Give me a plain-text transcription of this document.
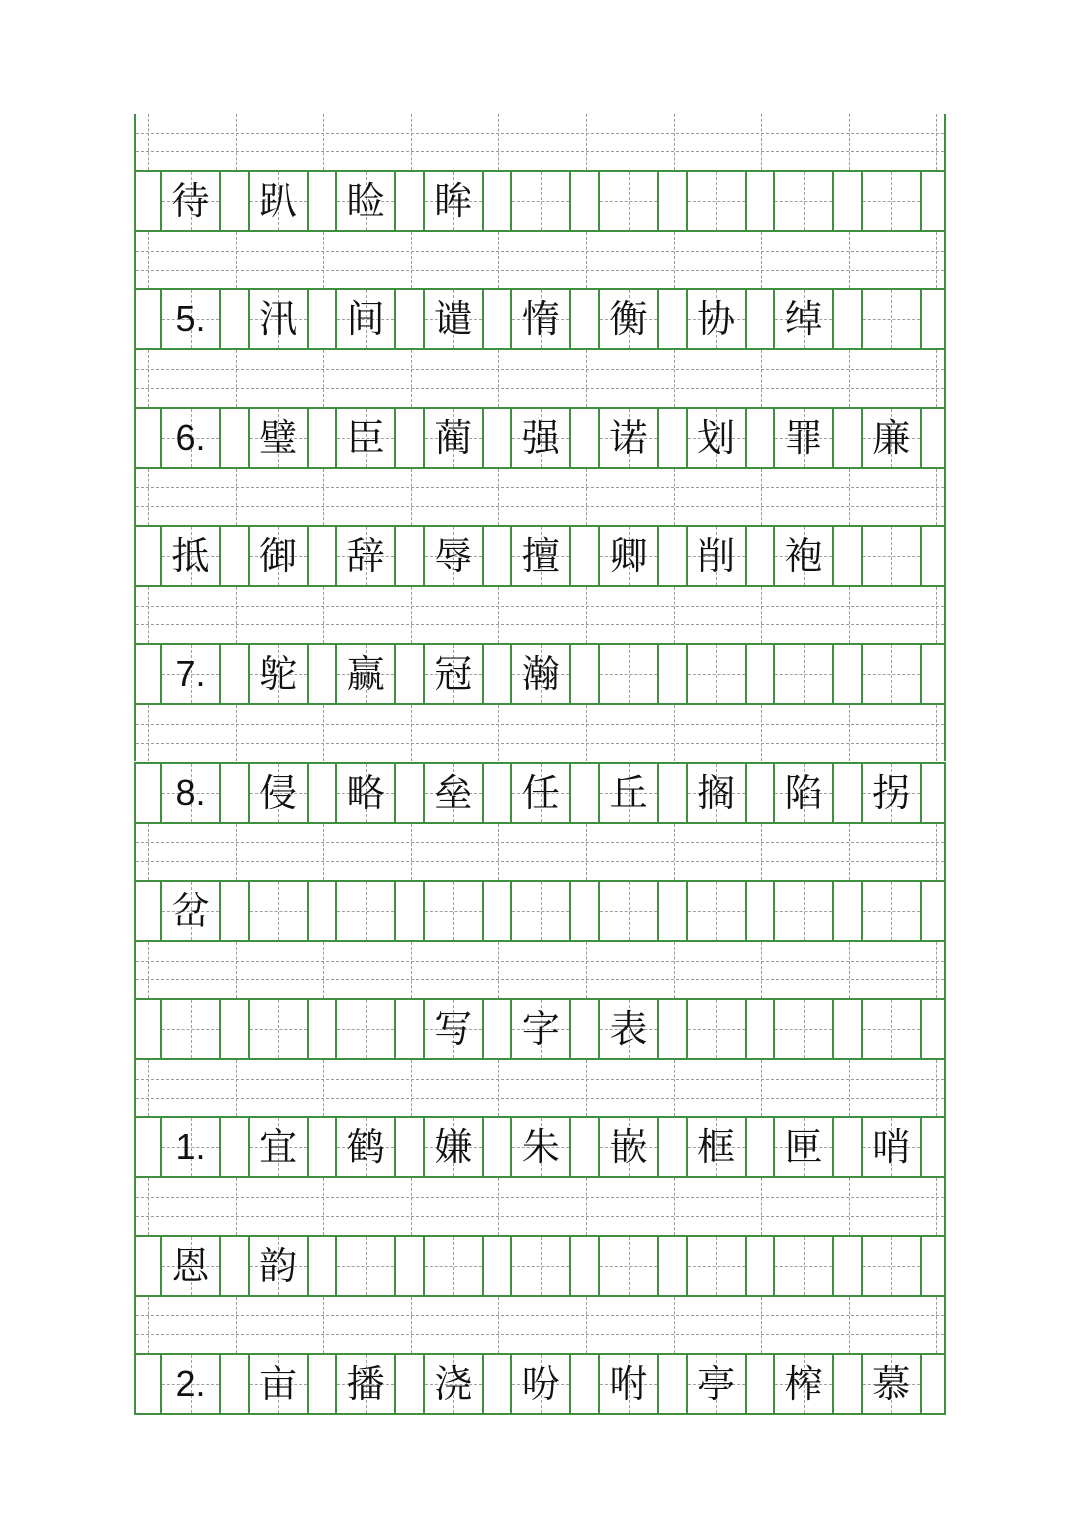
待 趴 睑 眸
5.	汛 间 谴 惰 衡 协 绰
6.	璧 臣 蔺 强 诺 划 罪 廉
抵 御 辞 辱 擅 卿 削 袍
7.	鸵 赢 冠 瀚
8.	侵 略 垒 任 丘 搁 陷 拐
岔
写 字 表
1.	宜 鹤 嫌 朱 嵌 框 匣 哨
恩 韵
2.	亩 播 浇 吩 咐 亭 榨 慕
